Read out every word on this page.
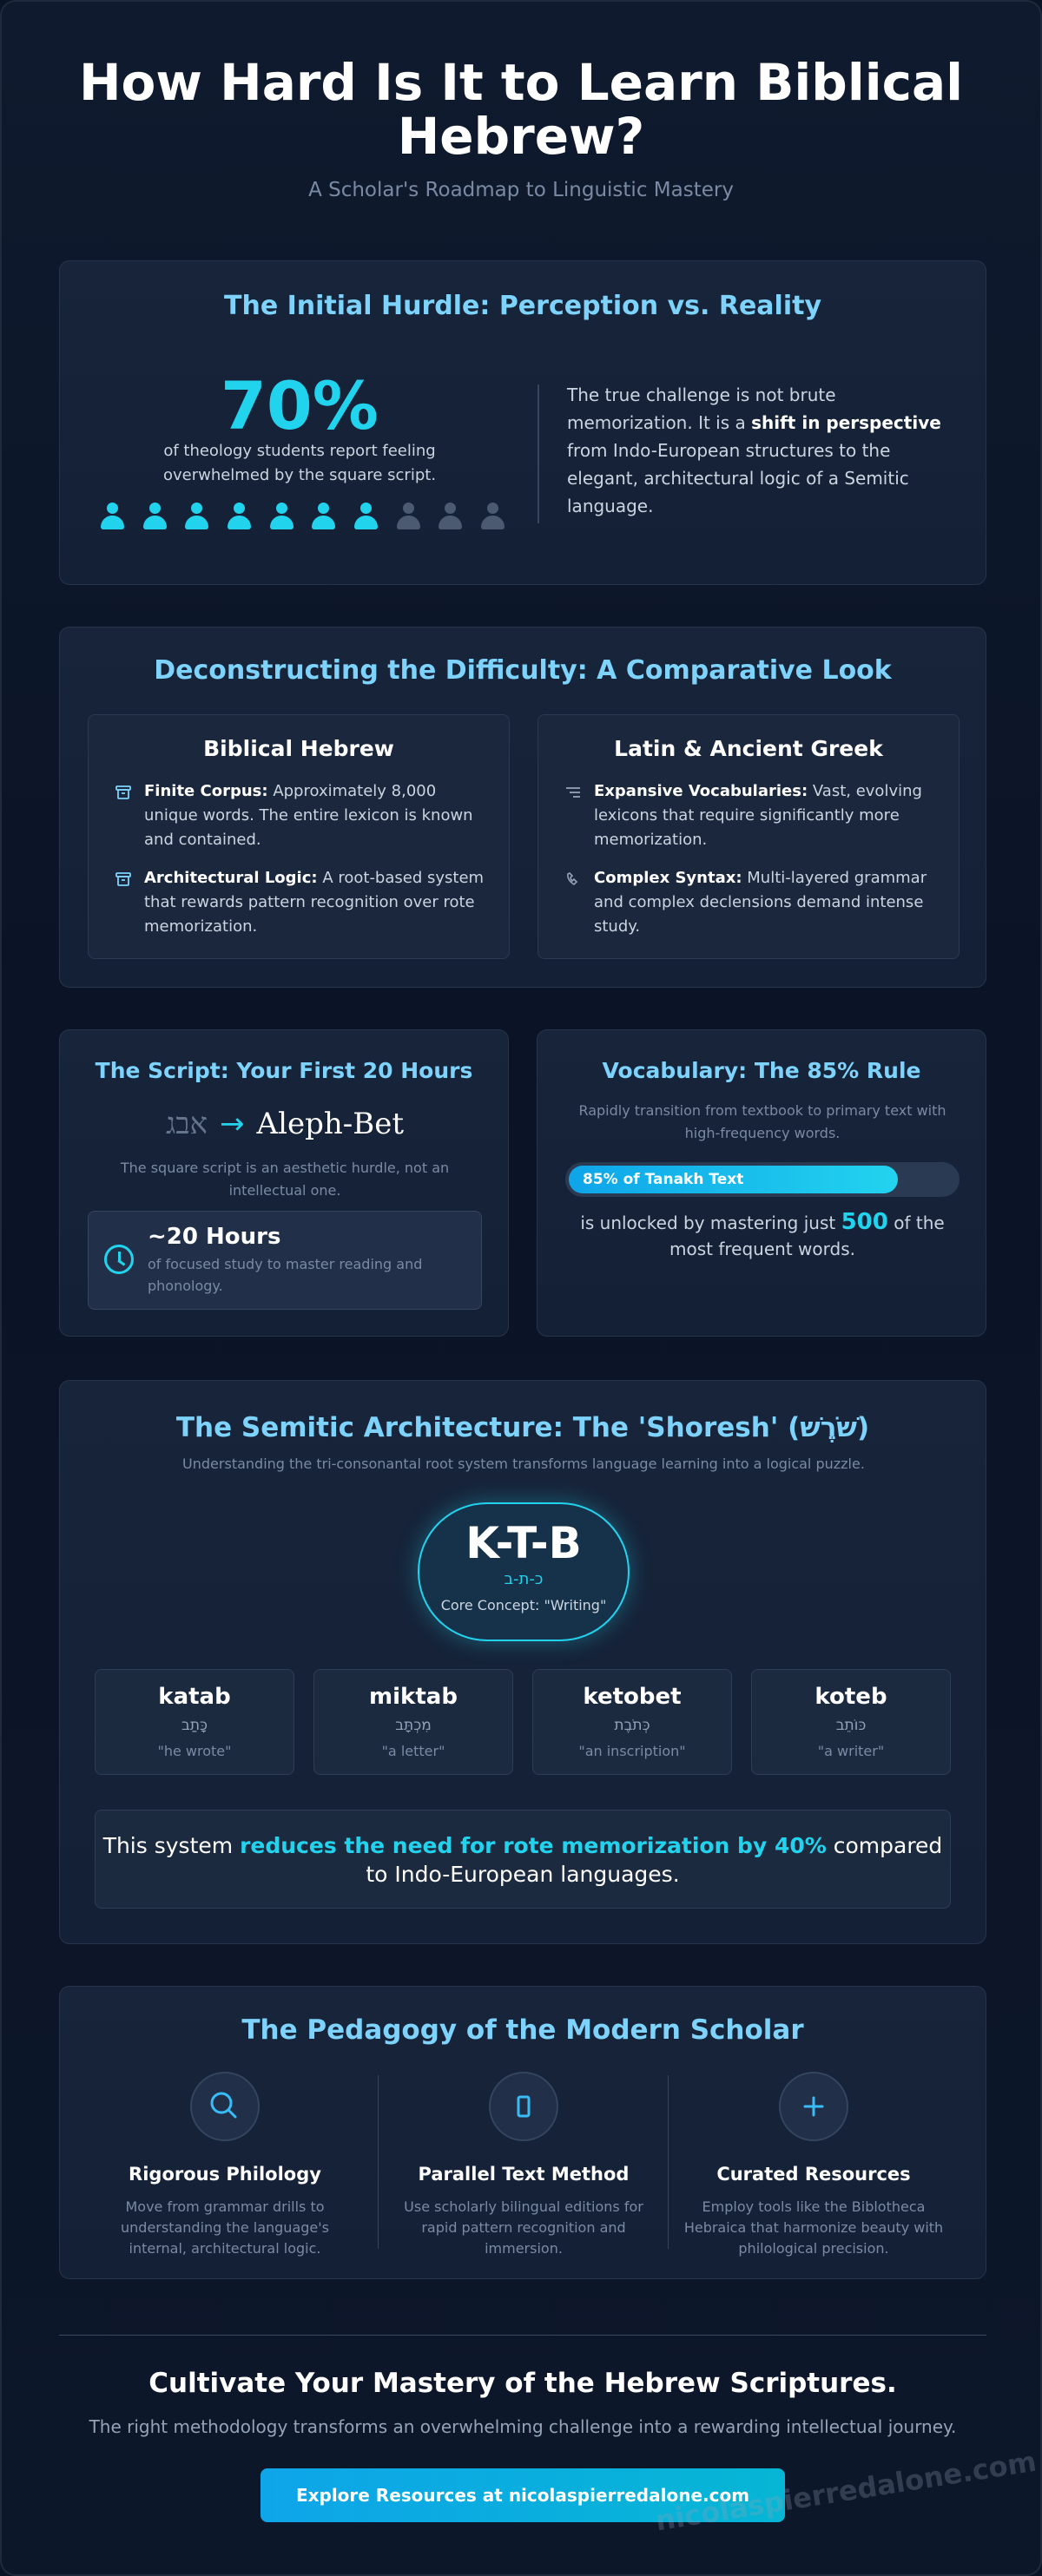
How Hard Is It to Learn Biblical Hebrew?
A Scholar's Roadmap to Linguistic Mastery
The Initial Hurdle: Perception vs. Reality
70%
of theology students report feeling overwhelmed by the square script.
The true challenge is not brute memorization. It is a shift in perspective from Indo-European structures to the elegant, architectural logic of a Semitic language.
Deconstructing the Difficulty: A Comparative Look
Biblical Hebrew
Finite Corpus: Approximately 8,000 unique words. The entire lexicon is known and contained.
Architectural Logic: A root-based system that rewards pattern recognition over rote memorization.
Latin & Ancient Greek
Expansive Vocabularies: Vast, evolving lexicons that require significantly more memorization.
Complex Syntax: Multi-layered grammar and complex declensions demand intense study.
The Script: Your First 20 Hours
אבג → Aleph-Bet
The square script is an aesthetic hurdle, not an intellectual one.
~20 Hours
of focused study to master reading and phonology.
Vocabulary: The 85% Rule
Rapidly transition from textbook to primary text with high-frequency words.
85% of Tanakh Text
is unlocked by mastering just 500 of the most frequent words.
The Semitic Architecture: The 'Shoresh' (שֹׁרֶשׁ)
Understanding the tri-consonantal root system transforms language learning into a logical puzzle.
K-T-B
כ-ת-ב
Core Concept: "Writing"
katab
כָּתַב
"he wrote"
miktab
מִכְתָּב
"a letter"
ketobet
כְּתֹבֶת
"an inscription"
koteb
כּוֹתֵב
"a writer"
This system reduces the need for rote memorization by 40% compared to Indo-European languages.
The Pedagogy of the Modern Scholar
Rigorous Philology

Move from grammar drills to understanding the language's internal, architectural logic.

Parallel Text Method

Use scholarly bilingual editions for rapid pattern recognition and immersion.

Curated Resources

Employ tools like the Biblotheca Hebraica that harmonize beauty with philological precision.

Cultivate Your Mastery of the Hebrew Scriptures.
The right methodology transforms an overwhelming challenge into a rewarding intellectual journey.
Explore Resources at nicolaspierredalone.com
nicolaspierredalone.com
